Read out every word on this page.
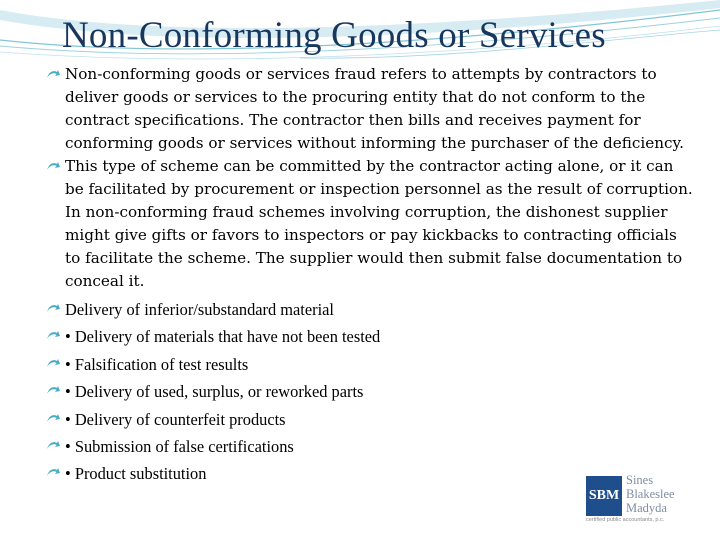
Non-Conforming Goods or Services
Non-conforming goods or services fraud refers to attempts by contractors to deliver goods or services to the procuring entity that do not conform to the contract specifications. The contractor then bills and receives payment for conforming goods or services without informing the purchaser of the deficiency.
This type of scheme can be committed by the contractor acting alone, or it can be facilitated by procurement or inspection personnel as the result of corruption. In non-conforming fraud schemes involving corruption, the dishonest supplier might give gifts or favors to inspectors or pay kickbacks to contracting officials to facilitate the scheme. The supplier would then submit false documentation to conceal it.
Delivery of inferior/substandard material
• Delivery of materials that have not been tested
• Falsification of test results
• Delivery of used, surplus, or reworked parts
• Delivery of counterfeit products
• Submission of false certifications
• Product substitution
SBM
Sines
Blakeslee
Madyda
certified public accountants, p.c.
